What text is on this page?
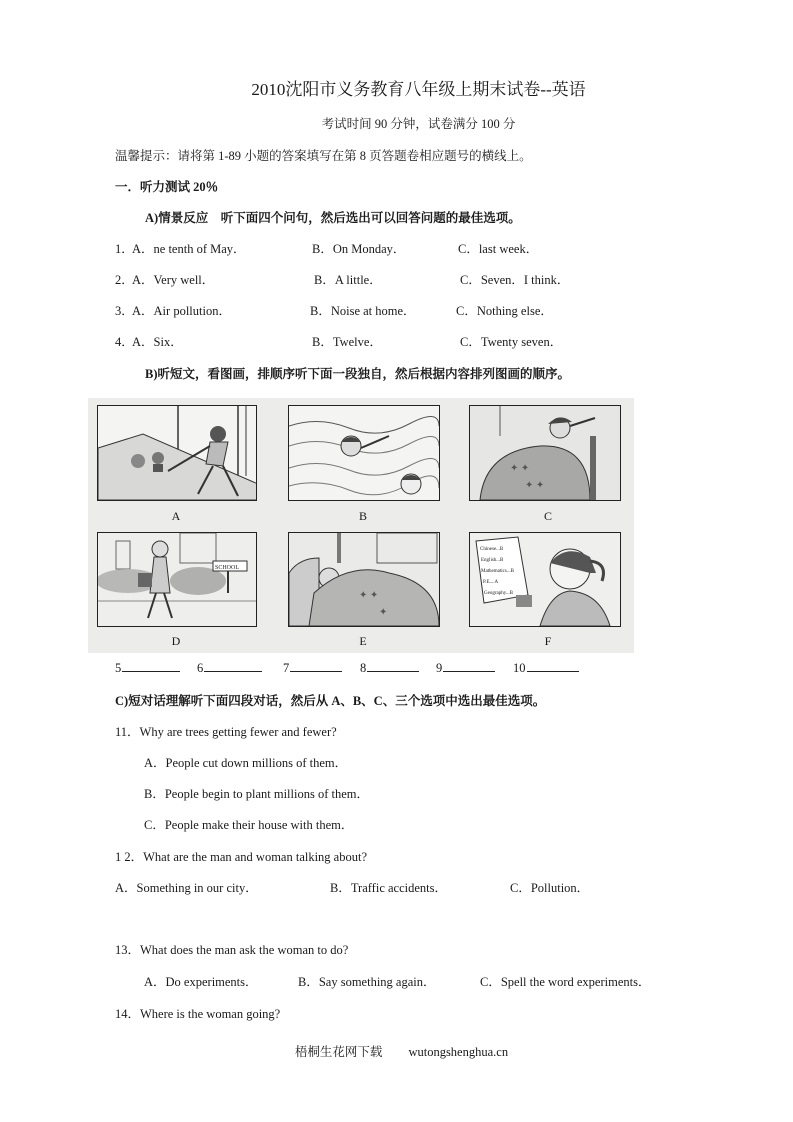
2010沈阳市义务教育八年级上期末试卷--英语
考试时间 90 分钟，试卷满分 100 分
温馨提示：请将第 1-89 小题的答案填写在第 8 页答题卷相应题号的横线上。
一．听力测试 20％
A)情景反应　听下面四个问句，然后选出可以回答问题的最佳选项。
1．
A．ne tenth of May．	B．On Monday．	C．last week．
2．
A．Very well．	B．A little．	C．Seven．I think．
3．
A．Air pollution．	B．Noise at home．	C．Nothing else．
4．
A．Six．	B．Twelve．	C．Twenty seven．
B)听短文，看图画，排顺序听下面一段独自，然后根据内容排列图画的顺序。
A	B
✦ ✦
✦ ✦
C
SCHOOL
D
✦ ✦
✦
E
Chinese...B
English...B
Mathematics...B
P.E....A
Geography...B
F
5	6	7	8	9	10
C)短对话理解听下面四段对话，然后从 A、B、C、三个选项中选出最佳选项。
11．Why are trees getting fewer and fewer?
A．People cut down millions of them．
B．People begin to plant millions of them．
C．People make their house with them．
1 2．What are the man and woman talking about?
A．Something in our city．	B．Traffic accidents．	C．Pollution．
13．What does the man ask the woman to do?
A．Do experiments．	B．Say something again．	C．Spell the word experiments．
14．Where is the woman going?
梧桐生花网下载 wutongshenghua.cn
